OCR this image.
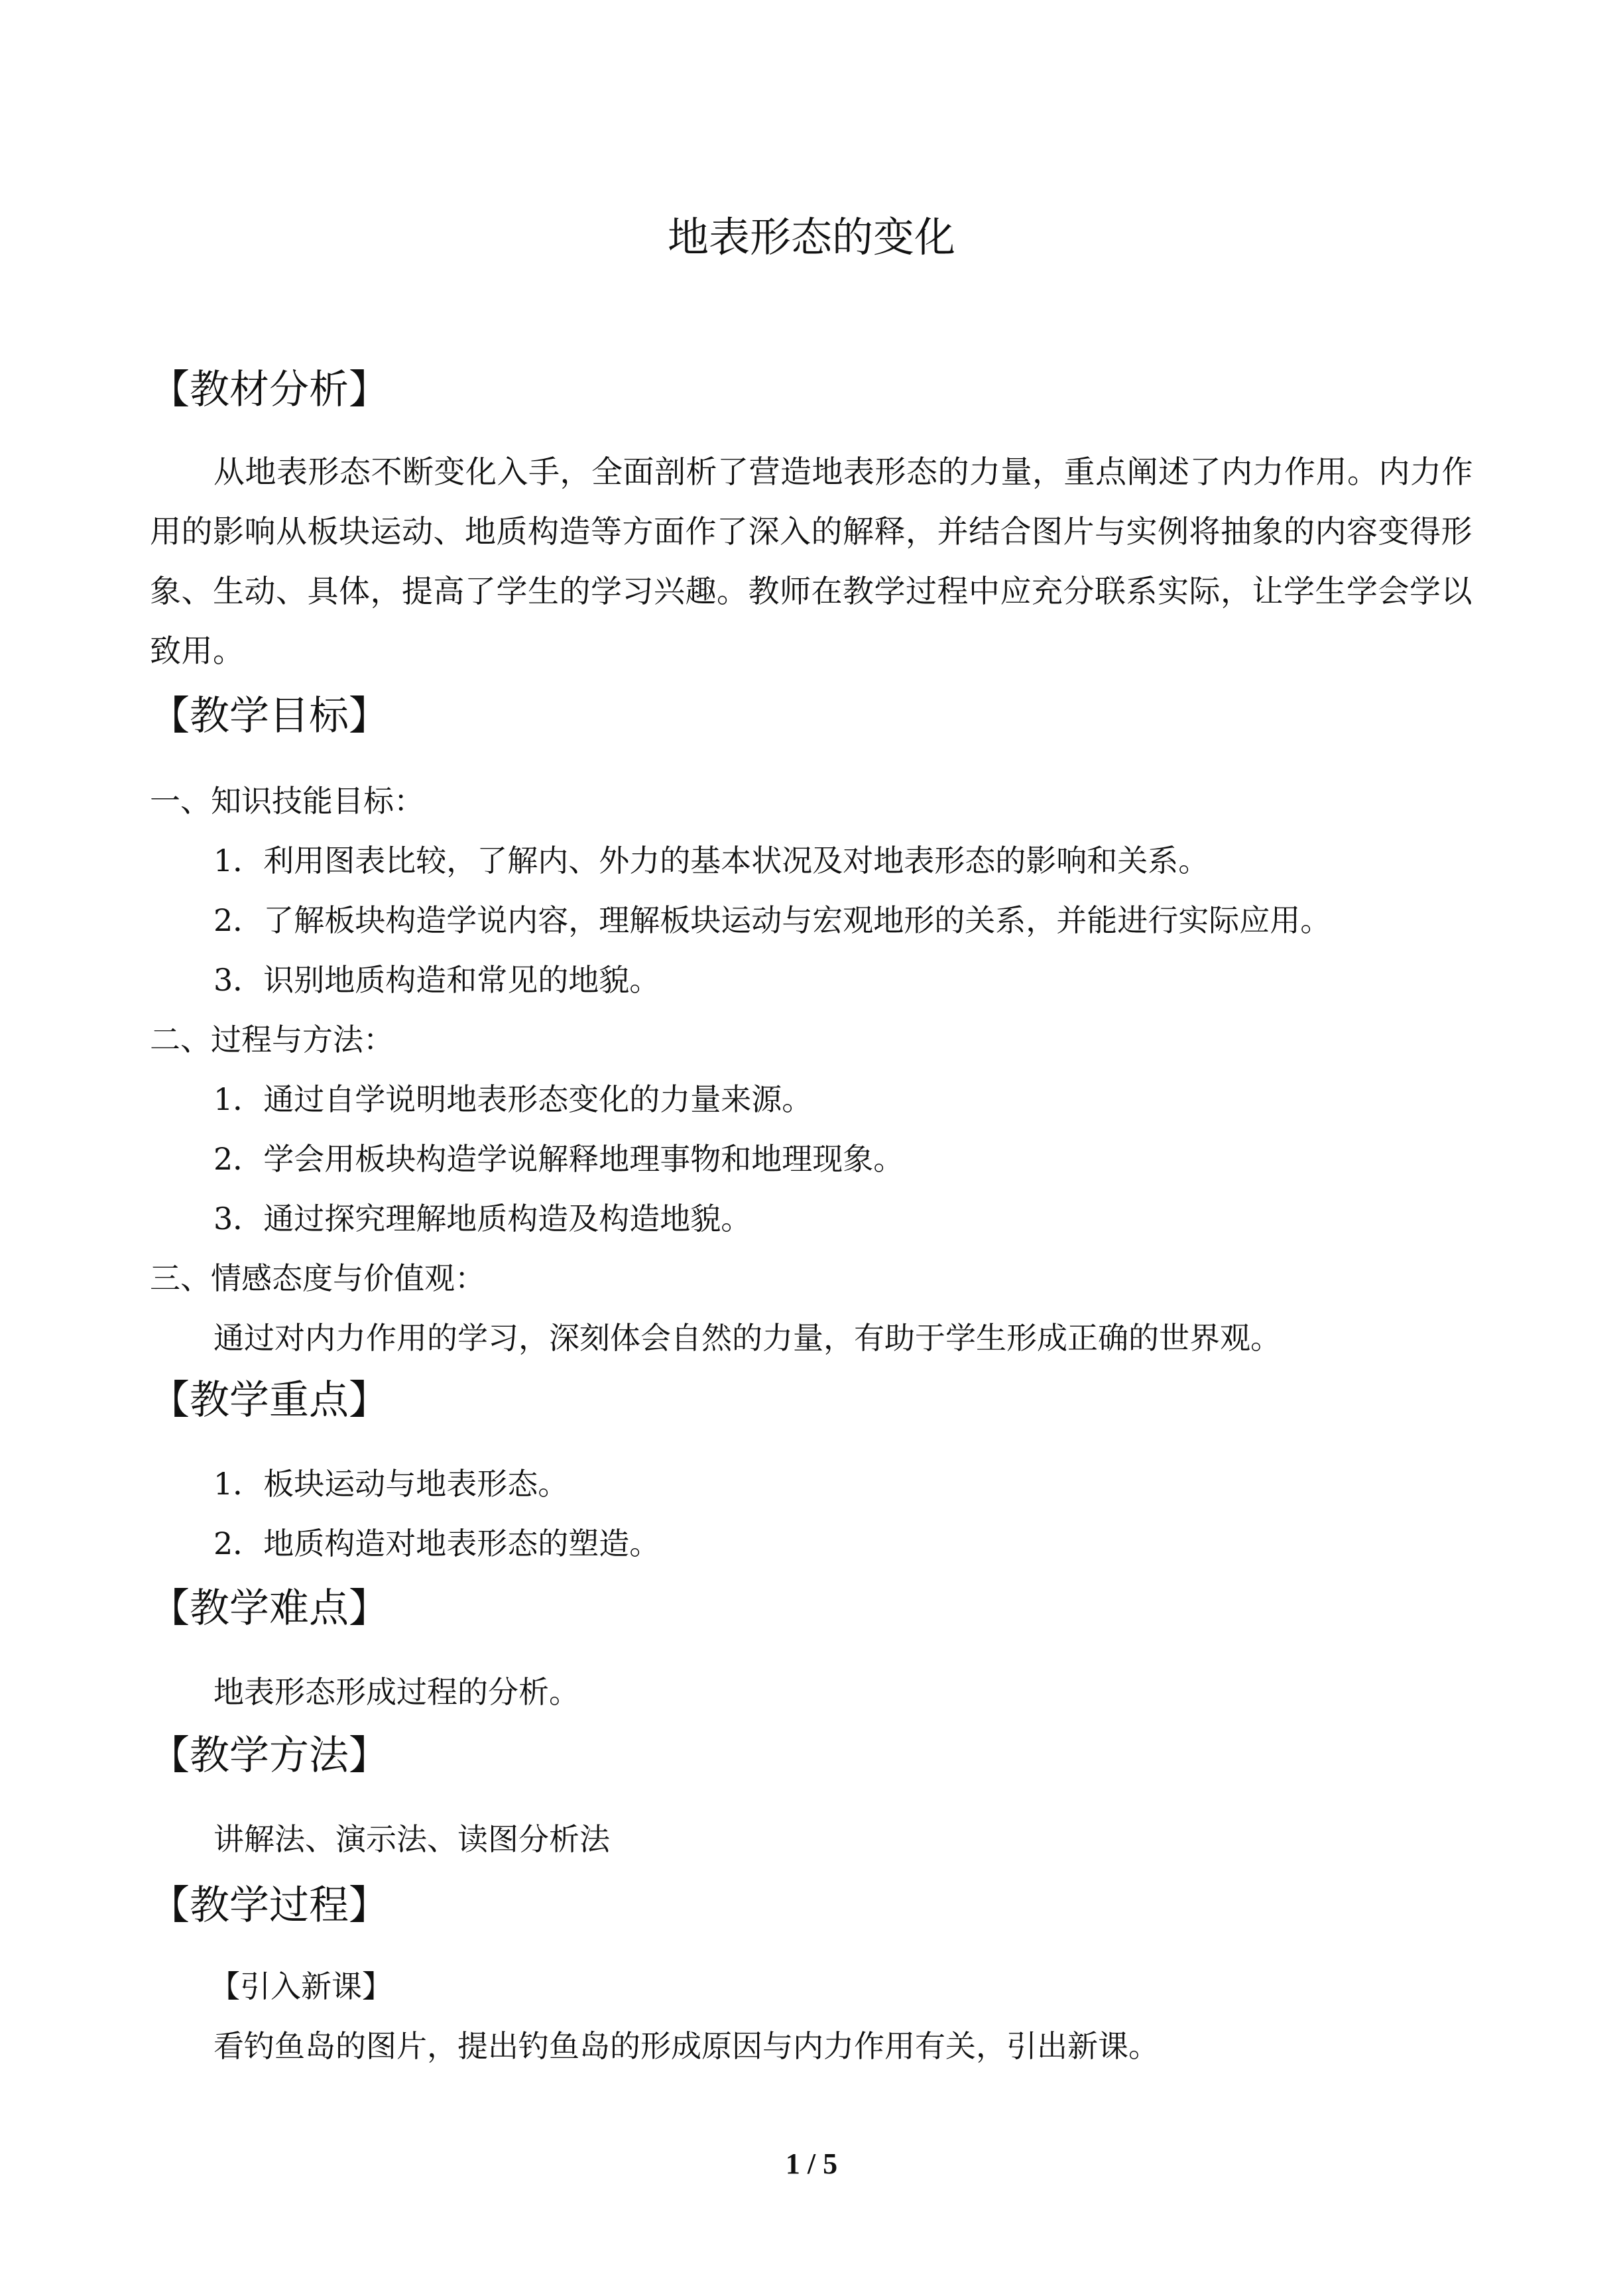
地表形态的变化
【教材分析】
从地表形态不断变化入手，全面剖析了营造地表形态的力量，重点阐述了内力作用。内力作用的影响从板块运动、地质构造等方面作了深入的解释，并结合图片与实例将抽象的内容变得形象、生动、具体，提高了学生的学习兴趣。教师在教学过程中应充分联系实际，让学生学会学以致用。
【教学目标】
一、知识技能目标：
1．利用图表比较，了解内、外力的基本状况及对地表形态的影响和关系。
2．了解板块构造学说内容，理解板块运动与宏观地形的关系，并能进行实际应用。
3．识别地质构造和常见的地貌。
二、过程与方法：
1．通过自学说明地表形态变化的力量来源。
2．学会用板块构造学说解释地理事物和地理现象。
3．通过探究理解地质构造及构造地貌。
三、情感态度与价值观：
通过对内力作用的学习，深刻体会自然的力量，有助于学生形成正确的世界观。
【教学重点】
1．板块运动与地表形态。
2．地质构造对地表形态的塑造。
【教学难点】
地表形态形成过程的分析。
【教学方法】
讲解法、演示法、读图分析法
【教学过程】
【引入新课】
看钓鱼岛的图片，提出钓鱼岛的形成原因与内力作用有关，引出新课。
1 / 5
